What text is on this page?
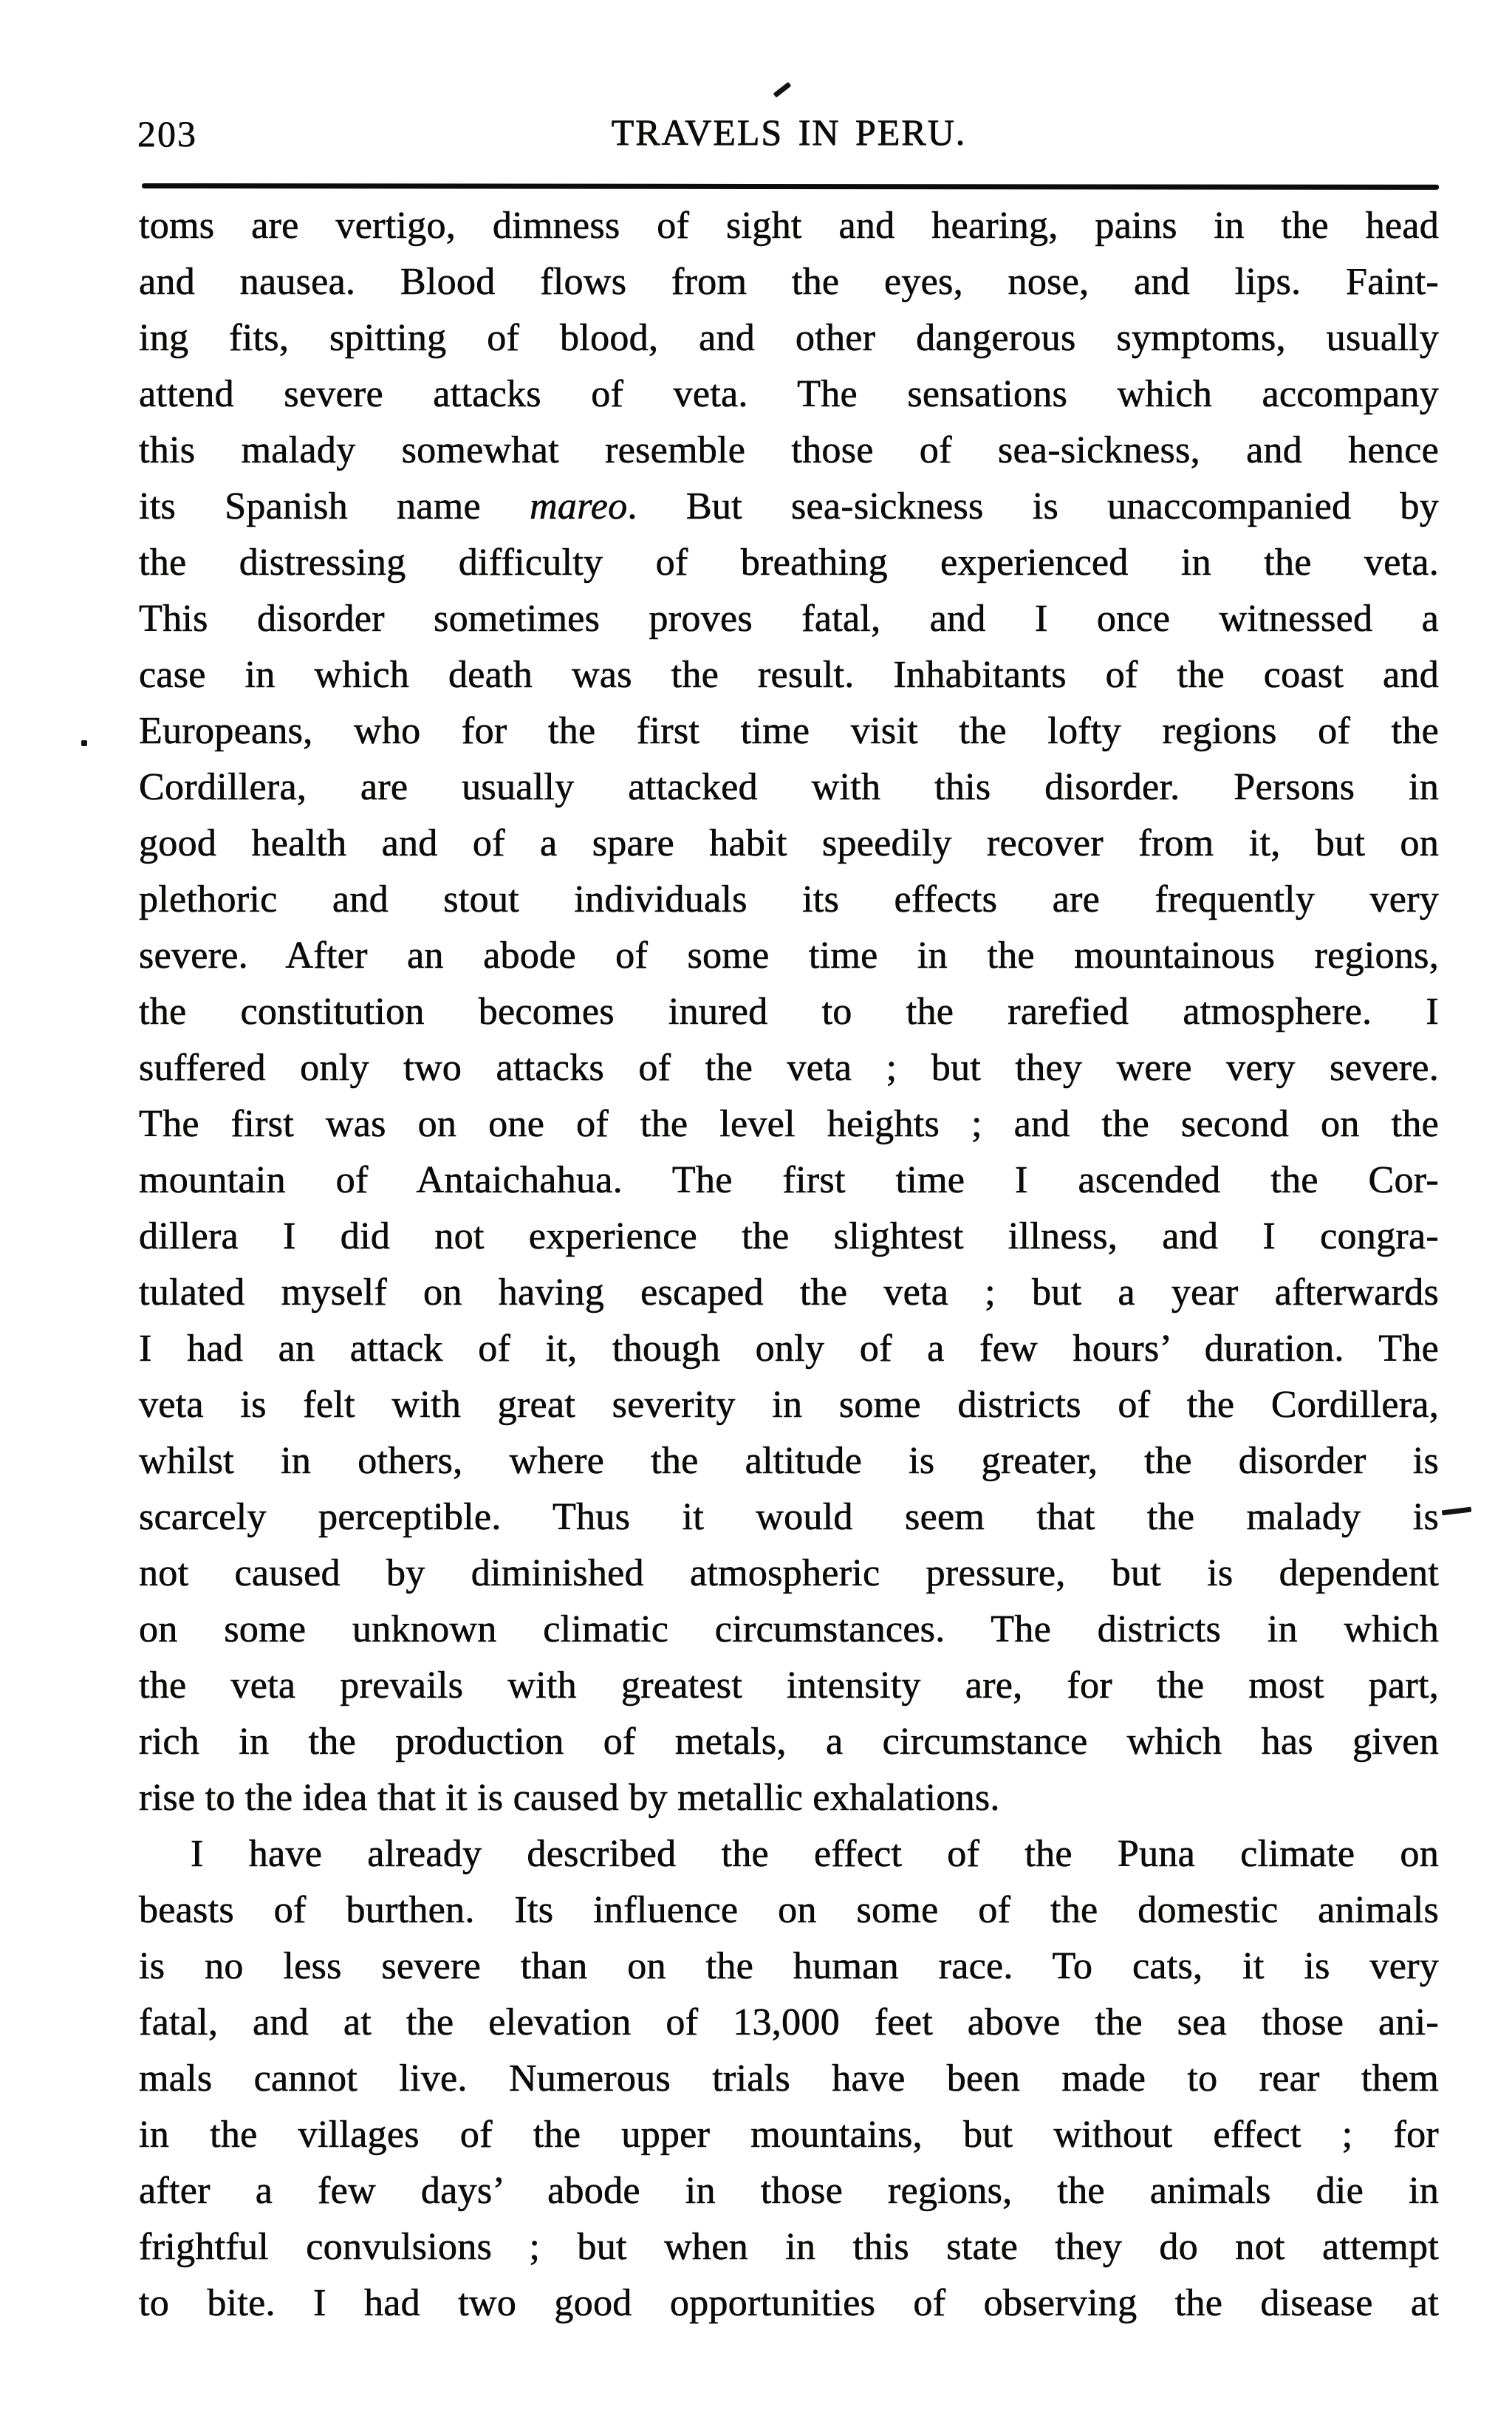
203	TRAVELS IN PERU.
toms are vertigo, dimness of sight and hearing, pains in the head
and nausea. Blood flows from the eyes, nose, and lips. Faint-
ing fits, spitting of blood, and other dangerous symptoms, usually
attend severe attacks of veta. The sensations which accompany
this malady somewhat resemble those of sea-sickness, and hence
its Spanish name mareo. But sea-sickness is unaccompanied by
the distressing difficulty of breathing experienced in the veta.
This disorder sometimes proves fatal, and I once witnessed a
case in which death was the result. Inhabitants of the coast and
Europeans, who for the first time visit the lofty regions of the
Cordillera, are usually attacked with this disorder. Persons in
good health and of a spare habit speedily recover from it, but on
plethoric and stout individuals its effects are frequently very
severe. After an abode of some time in the mountainous regions,
the constitution becomes inured to the rarefied atmosphere. I
suffered only two attacks of the veta ; but they were very severe.
The first was on one of the level heights ; and the second on the
mountain of Antaichahua. The first time I ascended the Cor-
dillera I did not experience the slightest illness, and I congra-
tulated myself on having escaped the veta ; but a year afterwards
I had an attack of it, though only of a few hours’ duration. The
veta is felt with great severity in some districts of the Cordillera,
whilst in others, where the altitude is greater, the disorder is
scarcely perceptible. Thus it would seem that the malady is
not caused by diminished atmospheric pressure, but is dependent
on some unknown climatic circumstances. The districts in which
the veta prevails with greatest intensity are, for the most part,
rich in the production of metals, a circumstance which has given
rise to the idea that it is caused by metallic exhalations.
I have already described the effect of the Puna climate on
beasts of burthen. Its influence on some of the domestic animals
is no less severe than on the human race. To cats, it is very
fatal, and at the elevation of 13,000 feet above the sea those ani-
mals cannot live. Numerous trials have been made to rear them
in the villages of the upper mountains, but without effect ; for
after a few days’ abode in those regions, the animals die in
frightful convulsions ; but when in this state they do not attempt
to bite. I had two good opportunities of observing the disease at
